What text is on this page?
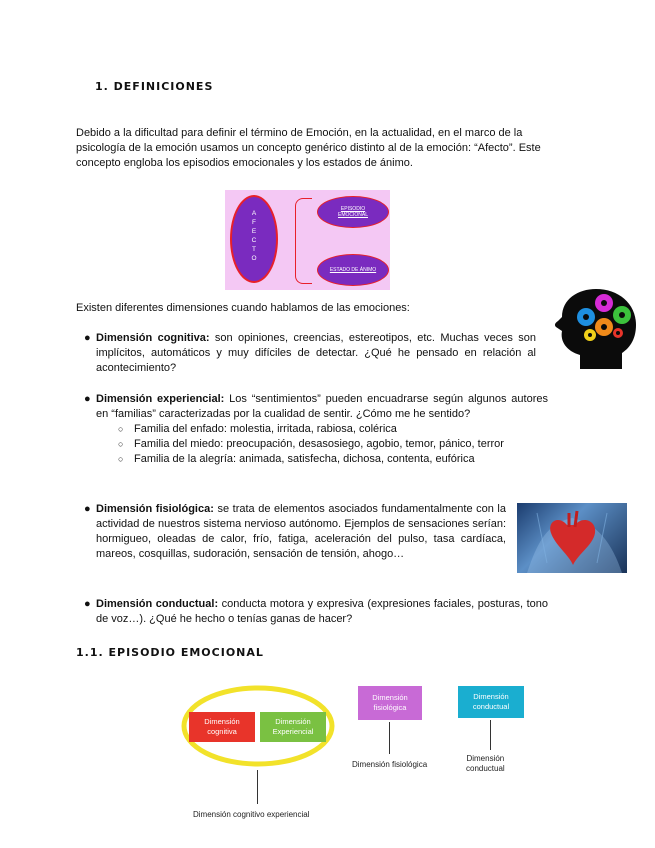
1. DEFINICIONES
Debido a la dificultad para definir el término de Emoción, en la actualidad, en el marco de la
psicología de la emoción usamos un concepto genérico distinto al de la emoción: “Afecto”. Este
concepto engloba los episodios emocionales y los estados de ánimo.
AFECTO
EPISODIO EMOCIONAL
ESTADO DE ÁNIMO
Existen diferentes dimensiones cuando hablamos de las emociones:
● Dimensión cognitiva: son opiniones, creencias, estereotipos, etc. Muchas veces son implícitos, automáticos y muy difíciles de detectar. ¿Qué he pensado en relación al acontecimiento?
● Dimensión experiencial: Los “sentimientos” pueden encuadrarse según algunos autores en “familias” caracterizadas por la cualidad de sentir. ¿Cómo me he sentido?
○ Familia del enfado: molestia, irritada, rabiosa, colérica
○ Familia del miedo: preocupación, desasosiego, agobio, temor, pánico, terror
○ Familia de la alegría: animada, satisfecha, dichosa, contenta, eufórica
● Dimensión fisiológica: se trata de elementos asociados fundamentalmente con la actividad de nuestros sistema nervioso autónomo. Ejemplos de sensaciones serían: hormigueo, oleadas de calor, frío, fatiga, aceleración del pulso, tasa cardíaca, mareos, cosquillas, sudoración, sensación de tensión, ahogo…
● Dimensión conductual: conducta motora y expresiva (expresiones faciales, posturas, tono de voz…). ¿Qué he hecho o tenías ganas de hacer?
1.1. EPISODIO EMOCIONAL
Dimensión cognitiva
Dimensión Experiencial
Dimensión cognitivo experiencial
Dimensión fisiológica
Dimensión fisiológica
Dimensión conductual
Dimensión
conductual
